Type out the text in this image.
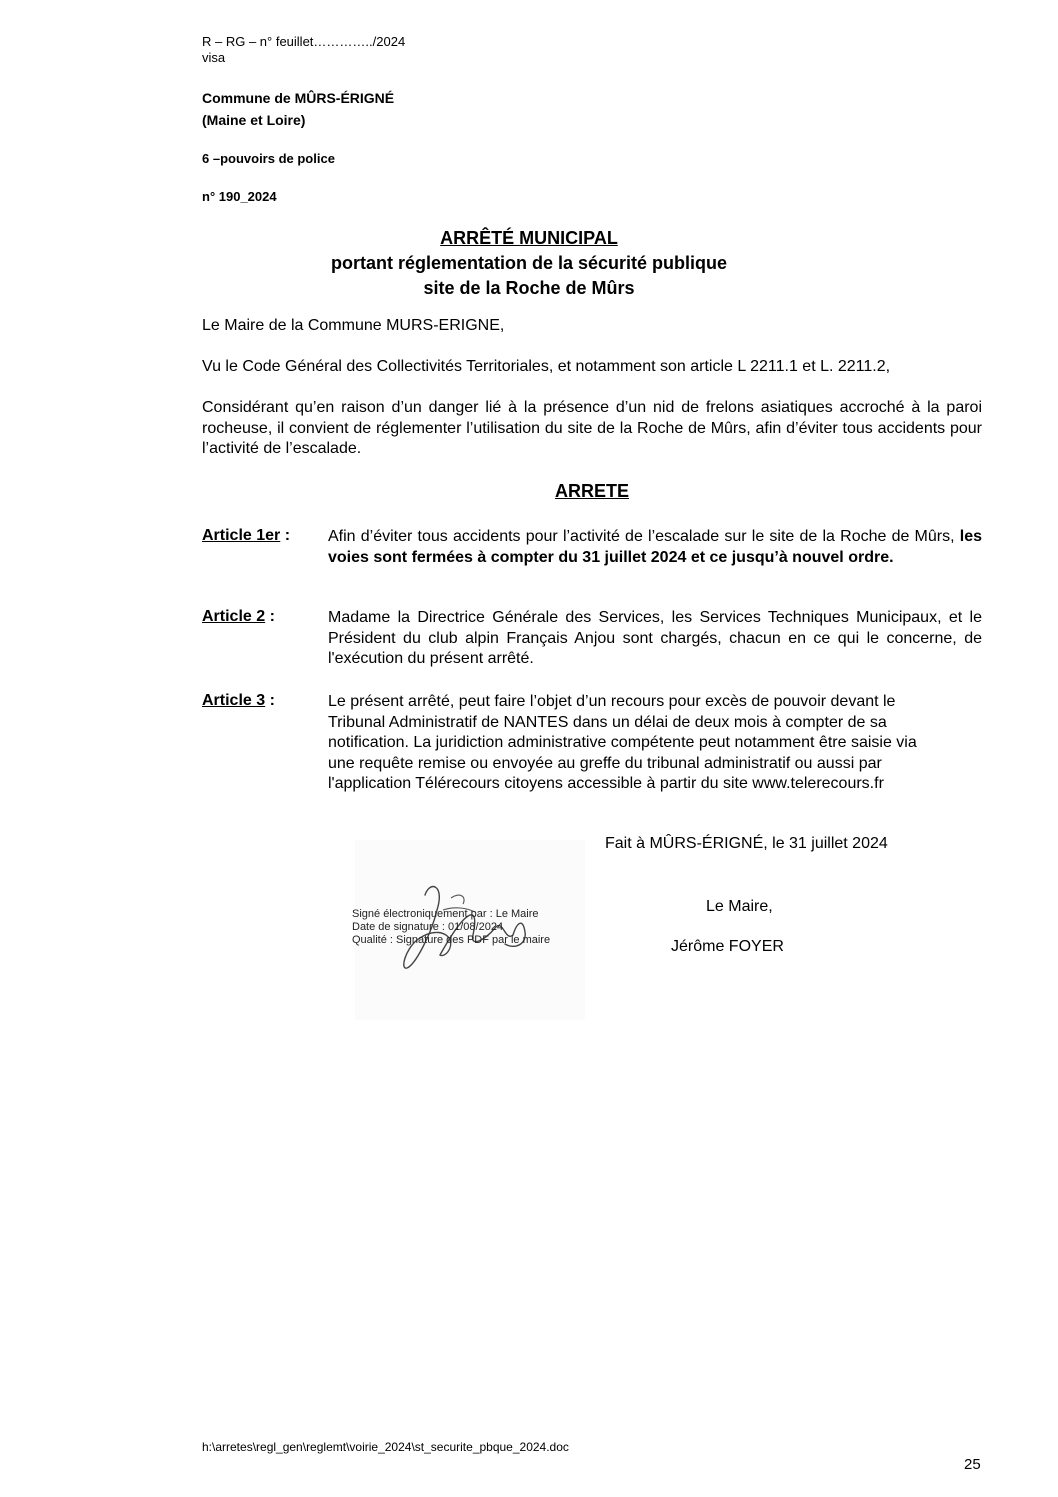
R – RG – n° feuillet…………../2024
visa
Commune de MÛRS-ÉRIGNÉ
(Maine et Loire)
6 –pouvoirs de police
n° 190_2024
ARRÊTÉ MUNICIPAL
portant réglementation de la sécurité publique
site de la Roche de Mûrs
Le Maire de la Commune MURS-ERIGNE,
Vu le Code Général des Collectivités Territoriales, et notamment son article L 2211.1 et L. 2211.2,
Considérant qu’en raison d’un danger lié à la présence d’un nid de frelons asiatiques accroché à la paroi rocheuse, il convient de réglementer l’utilisation du site de la Roche de Mûrs, afin d’éviter tous accidents pour l’activité de l’escalade.
ARRETE
Article 1er :	Afin d’éviter tous accidents pour l’activité de l’escalade sur le site de la Roche de Mûrs, les voies sont fermées à compter du 31 juillet 2024 et ce jusqu’à nouvel ordre.
Article 2 :	Madame la Directrice Générale des Services, les Services Techniques Municipaux, et le Président du club alpin Français Anjou sont chargés, chacun en ce qui le concerne, de l'exécution du présent arrêté.
Article 3 :	Le présent arrêté, peut faire l’objet d’un recours pour excès de pouvoir devant le
Tribunal Administratif de NANTES dans un délai de deux mois à compter de sa
notification. La juridiction administrative compétente peut notamment être saisie via
une requête remise ou envoyée au greffe du tribunal administratif ou aussi par
l'application Télérecours citoyens accessible à partir du site www.telerecours.fr
Fait à MÛRS-ÉRIGNÉ, le 31 juillet 2024
Le Maire,
Jérôme FOYER
Signé électroniquement par : Le Maire
Date de signature : 01/08/2024
Qualité : Signature des PDF par le maire
h:\arretes\regl_gen\reglemt\voirie_2024\st_securite_pbque_2024.doc
25
